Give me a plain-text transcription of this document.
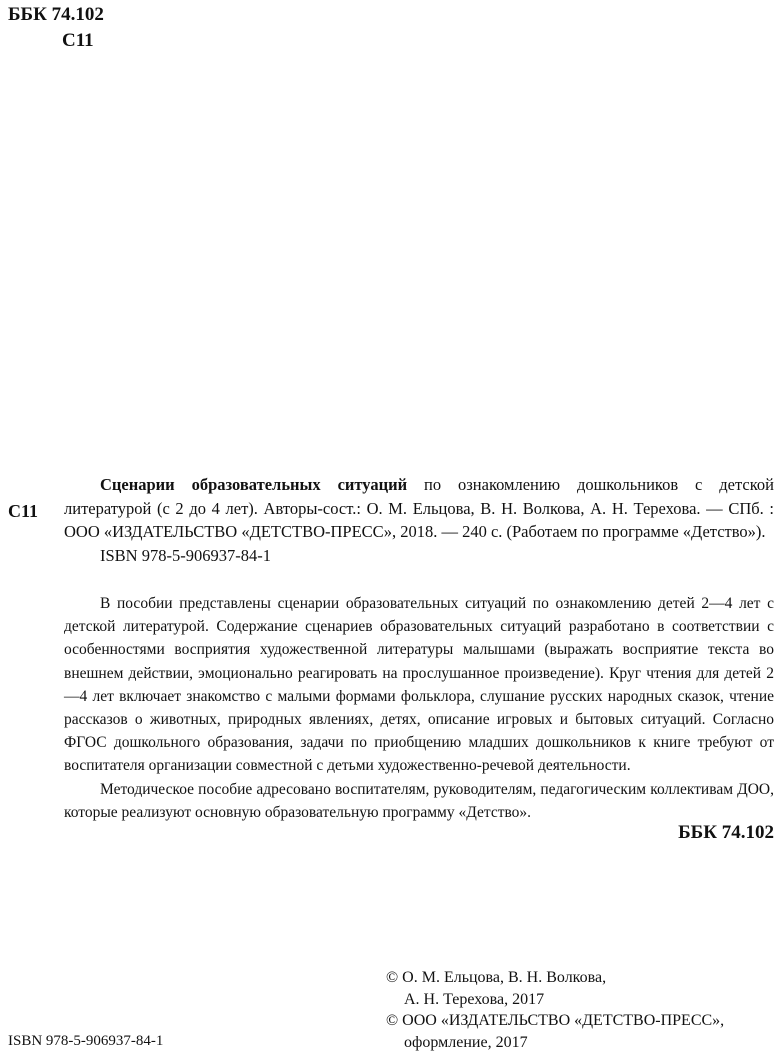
ББК 74.102
С11
С11

Сценарии образовательных ситуаций по ознакомлению дошкольников с детской литературой (с 2 до 4 лет). Авторы-сост.: О. М. Ельцова, В. Н. Волкова, А. Н. Терехова. — СПб. : ООО «ИЗДАТЕЛЬСТВО «ДЕТСТВО-ПРЕСС», 2018. — 240 с. (Работаем по программе «Детство»).

ISBN 978-5-906937-84-1

В пособии представлены сценарии образовательных ситуаций по ознакомлению детей 2—4 лет с детской литературой. Содержание сценариев образовательных ситуаций разработано в соответствии с особенностями восприятия художественной литературы малышами (выражать восприятие текста во внешнем действии, эмоционально реагировать на прослушанное произведение). Круг чтения для детей 2—4 лет включает знакомство с малыми формами фольклора, слушание русских народных сказок, чтение рассказов о животных, природных явлениях, детях, описание игровых и бытовых ситуаций. Согласно ФГОС дошкольного образования, задачи по приобщению младших дошкольников к книге требуют от воспитателя организации совместной с детьми художественно-речевой деятельности.

Методическое пособие адресовано воспитателям, руководителям, педагогическим коллективам ДОО, которые реализуют основную образовательную программу «Детство».

ББК 74.102
© О. М. Ельцова, В. Н. Волкова,
А. Н. Терехова, 2017
© ООО «ИЗДАТЕЛЬСТВО «ДЕТСТВО-ПРЕСС»,
оформление, 2017
ISBN 978-5-906937-84-1
